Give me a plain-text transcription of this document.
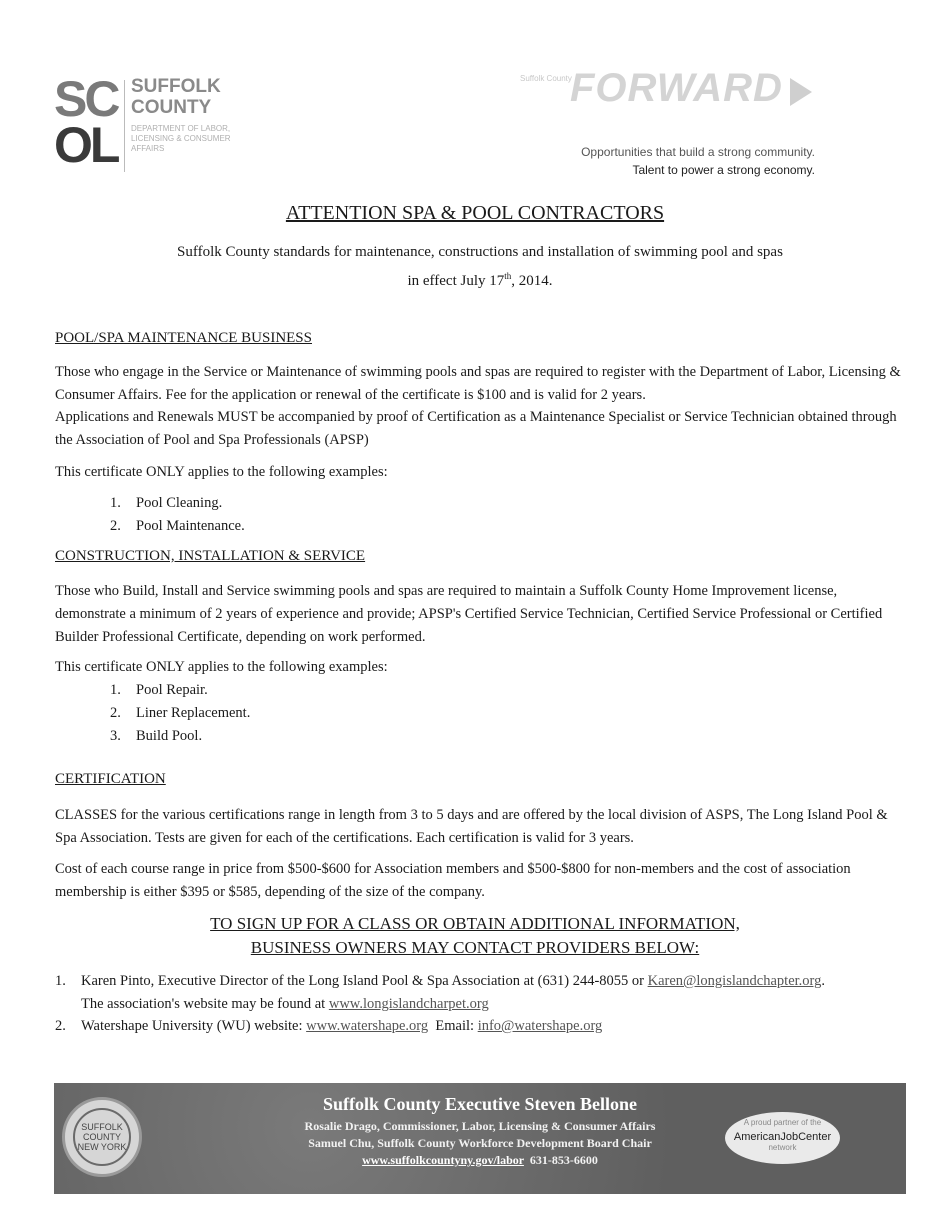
SC
OL
SUFFOLK
COUNTY
DEPARTMENT OF LABOR, LICENSING & CONSUMER AFFAIRS
Suffolk County
FORWARD
Opportunities that build a strong community.
Talent to power a strong economy.
ATTENTION SPA & POOL CONTRACTORS
Suffolk County standards for maintenance, constructions and installation of swimming pool and spas
in effect July 17th, 2014.
POOL/SPA MAINTENANCE BUSINESS
Those who engage in the Service or Maintenance of swimming pools and spas are required to register with the Department of Labor, Licensing & Consumer Affairs. Fee for the application or renewal of the certificate is $100 and is valid for 2 years.
Applications and Renewals MUST be accompanied by proof of Certification as a Maintenance Specialist or Service Technician obtained through the Association of Pool and Spa Professionals (APSP)
This certificate ONLY applies to the following examples:
1. Pool Cleaning.
2. Pool Maintenance.
CONSTRUCTION, INSTALLATION & SERVICE
Those who Build, Install and Service swimming pools and spas are required to maintain a Suffolk County Home Improvement license, demonstrate a minimum of 2 years of experience and provide; APSP's Certified Service Technician, Certified Service Professional or Certified Builder Professional Certificate, depending on work performed.
This certificate ONLY applies to the following examples:
1. Pool Repair.
2. Liner Replacement.
3. Build Pool.
CERTIFICATION
CLASSES for the various certifications range in length from 3 to 5 days and are offered by the local division of ASPS, The Long Island Pool & Spa Association. Tests are given for each of the certifications. Each certification is valid for 3 years.
Cost of each course range in price from $500-$600 for Association members and $500-$800 for non-members and the cost of association membership is either $395 or $585, depending of the size of the company.
TO SIGN UP FOR A CLASS OR OBTAIN ADDITIONAL INFORMATION,
BUSINESS OWNERS MAY CONTACT PROVIDERS BELOW:
1. Karen Pinto, Executive Director of the Long Island Pool & Spa Association at (631) 244-8055 or Karen@longislandchapter.org.
The association's website may be found at www.longislandcharpet.org
2. Watershape University (WU) website: www.watershape.org Email: info@watershape.org
SUFFOLK COUNTY NEW YORK
Suffolk County Executive Steven Bellone
Rosalie Drago, Commissioner, Labor, Licensing & Consumer Affairs
Samuel Chu, Suffolk County Workforce Development Board Chair
www.suffolkcountyny.gov/labor 631-853-6600
A proud partner of the
AmericanJobCenter
network
